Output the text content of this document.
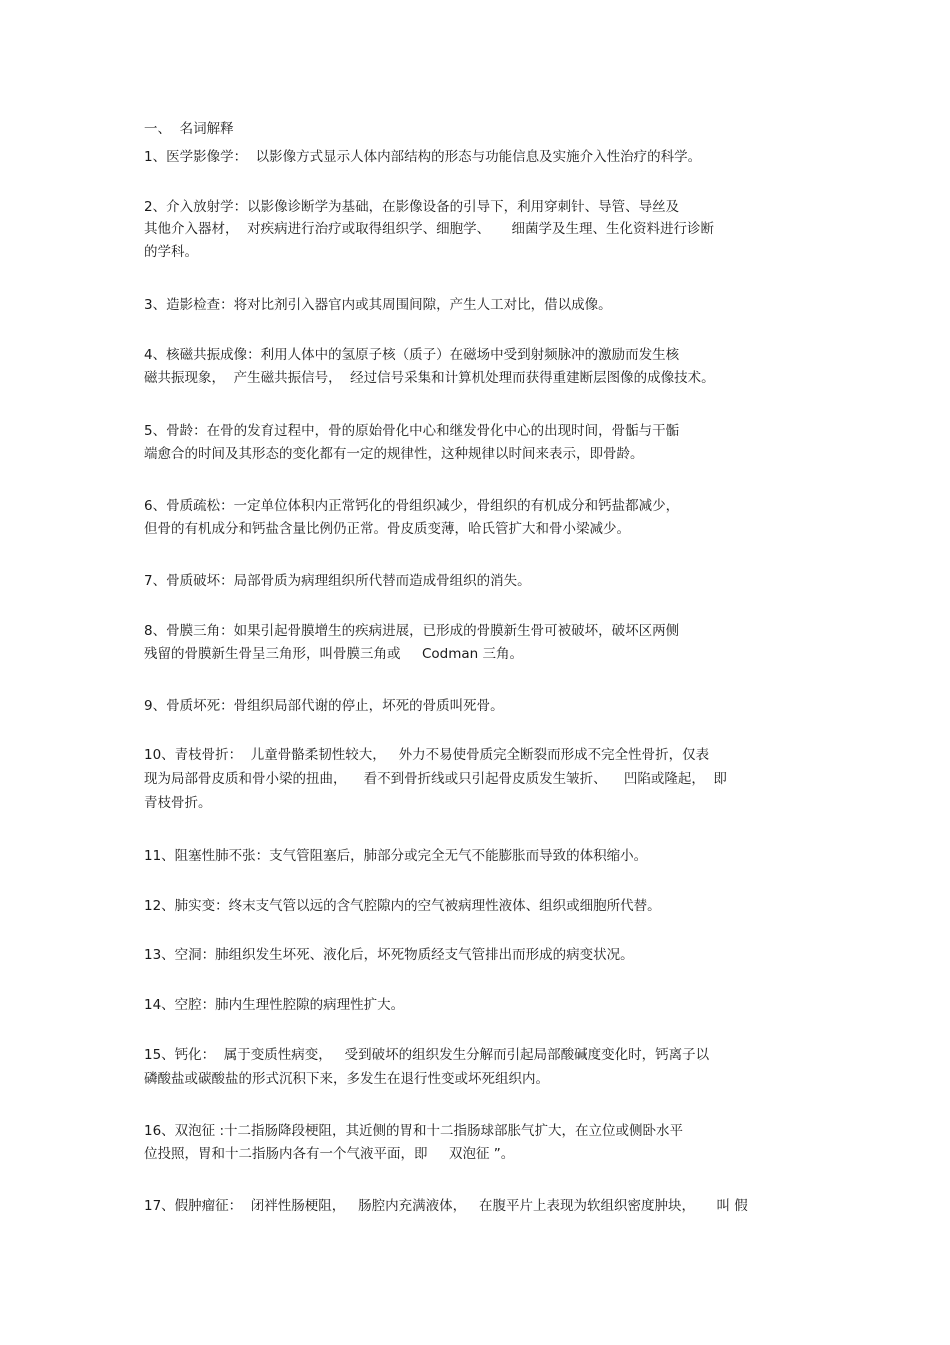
一、  名词解释

1、医学影像学：  以影像方式显示人体内部结构的形态与功能信息及实施介入性治疗的科学。

2、介入放射学：以影像诊断学为基础，在影像设备的引导下，利用穿刺针、导管、导丝及

其他介入器材，  对疾病进行治疗或取得组织学、细胞学、     细菌学及生理、生化资料进行诊断

的学科。

3、造影检查：将对比剂引入器官内或其周围间隙，产生人工对比，借以成像。

4、核磁共振成像：利用人体中的氢原子核（质子）在磁场中受到射频脉冲的激励而发生核

磁共振现象，  产生磁共振信号，  经过信号采集和计算机处理而获得重建断层图像的成像技术。

5、骨龄：在骨的发育过程中，骨的原始骨化中心和继发骨化中心的出现时间，骨骺与干骺

端愈合的时间及其形态的变化都有一定的规律性，这种规律以时间来表示，即骨龄。

6、骨质疏松：一定单位体积内正常钙化的骨组织减少，骨组织的有机成分和钙盐都减少，

但骨的有机成分和钙盐含量比例仍正常。骨皮质变薄，哈氏管扩大和骨小梁减少。

7、骨质破坏：局部骨质为病理组织所代替而造成骨组织的消失。

8、骨膜三角：如果引起骨膜增生的疾病进展，已形成的骨膜新生骨可被破坏，破坏区两侧

残留的骨膜新生骨呈三角形，叫骨膜三角或     Codman 三角。

9、骨质坏死：骨组织局部代谢的停止，坏死的骨质叫死骨。

10、青枝骨折：  儿童骨骼柔韧性较大，   外力不易使骨质完全断裂而形成不完全性骨折，仅表

现为局部骨皮质和骨小梁的扭曲，    看不到骨折线或只引起骨皮质发生皱折、    凹陷或隆起，  即

青枝骨折。

11、阻塞性肺不张：支气管阻塞后，肺部分或完全无气不能膨胀而导致的体积缩小。

12、肺实变：终末支气管以远的含气腔隙内的空气被病理性液体、组织或细胞所代替。

13、空洞：肺组织发生坏死、液化后，坏死物质经支气管排出而形成的病变状况。

14、空腔：肺内生理性腔隙的病理性扩大。

15、钙化：  属于变质性病变，   受到破坏的组织发生分解而引起局部酸碱度变化时，钙离子以

磷酸盐或碳酸盐的形式沉积下来，多发生在退行性变或坏死组织内。

16、双泡征 :十二指肠降段梗阻，其近侧的胃和十二指肠球部胀气扩大，在立位或侧卧水平

位投照，胃和十二指肠内各有一个气液平面，即     双泡征 ”。

17、假肿瘤征：  闭袢性肠梗阻，   肠腔内充满液体，   在腹平片上表现为软组织密度肿块，     叫 假
